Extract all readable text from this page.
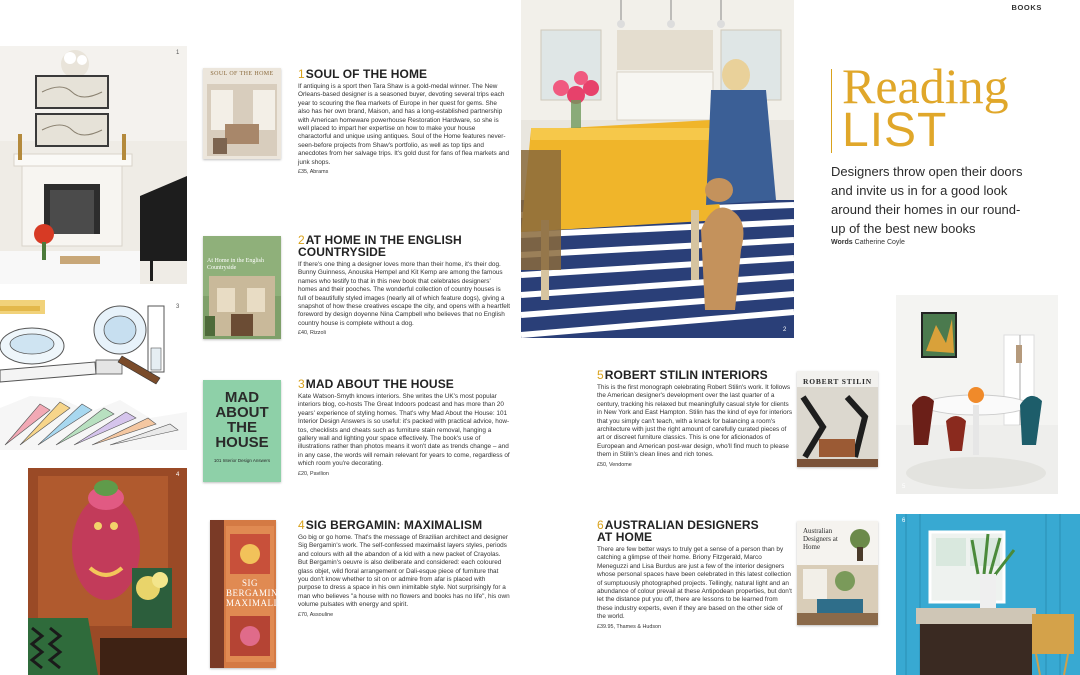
BOOKS
1
3
4
SOUL OF THE HOME
At Home in the English Countryside
MAD ABOUT THE HOUSE
101 Interior Design Answers
SIG BERGAMIN MAXIMALISM
1SOUL OF THE HOME

If antiquing is a sport then Tara Shaw is a gold-medal winner. The New Orleans-based designer is a seasoned buyer, devoting several trips each year to scouring the flea markets of Europe in her quest for gems. She also has her own brand, Maison, and has a long-established partnership with American homeware powerhouse Restoration Hardware, so she is well placed to impart her expertise on how to make your house charactorful and unique using antiques. Soul of the Home features never-seen-before projects from Shaw's portfolio, as well as top tips and anecdotes from her salvage trips. It's gold dust for fans of flea markets and junk shops.

£35, Abrams
2AT HOME IN THE ENGLISH COUNTRYSIDE

If there's one thing a designer loves more than their home, it's their dog. Bunny Guinness, Anouska Hempel and Kit Kemp are among the famous names who testify to that in this new book that celebrates designers' homes and their pooches. The wonderful collection of country houses is full of beautifully styled images (nearly all of which feature dogs), giving a snapshot of how these creatives escape the city, and opens with a heartfelt foreword by design doyenne Nina Campbell who believes that no English country house is complete without a dog.

£40, Rizzoli
3MAD ABOUT THE HOUSE

Kate Watson-Smyth knows interiors. She writes the UK's most popular interiors blog, co-hosts The Great Indoors podcast and has more than 20 years' experience of styling homes. That's why Mad About the House: 101 Interior Design Answers is so useful: it's packed with practical advice, how-tos, checklists and cheats such as furniture stain removal, hanging a gallery wall and lighting your space effectively. The book's use of illustrations rather than photos means it won't date as trends change – and in any case, the words will remain relevant for years to come, regardless of which room you're decorating.

£20, Pavilion
4SIG BERGAMIN: MAXIMALISM

Go big or go home. That's the message of Brazilian architect and designer Sig Bergamin's work. The self-confessed maximalist layers styles, periods and colours with all the abandon of a kid with a new packet of Crayolas. But Bergamin's oeuvre is also deliberate and considered: each coloured glass objet, wild floral arrangement or Dali-esque piece of furniture that you don't know whether to sit on or admire from afar is placed with purpose to dress a space in his own inimitable style. Not surprisingly for a man who believes "a house with no flowers and books has no life", his own volume pulsates with energy and spirit.

£70, Assouline
2
Reading
LIST
Designers throw open their doors and invite us in for a good look around their homes in our round-up of the best new books
Words Catherine Coyle
5
6
ROBERT STILIN
Australian Designers at Home
5ROBERT STILIN INTERIORS

This is the first monograph celebrating Robert Stilin's work. It follows the American designer's development over the last quarter of a century, tracking his relaxed but meaningfully casual style for clients in New York and East Hampton. Stilin has the kind of eye for interiors that you simply can't teach, with a knack for balancing a room's architecture with just the right amount of carefully curated pieces of art or discreet furniture classics. This is one for aficionados of European and American post-war design, who'll find much to please them in Stilin's clean lines and rich tones.

£50, Vendome
6AUSTRALIAN DESIGNERS AT HOME

There are few better ways to truly get a sense of a person than by catching a glimpse of their home. Briony Fitzgerald, Marco Meneguzzi and Lisa Burdus are just a few of the interior designers whose personal spaces have been celebrated in this latest collection of sumptuously photographed projects. Tellingly, natural light and an abundance of colour prevail at these Antipodean properties, but don't let the distance put you off, there are lessons to be learned from these industry experts, even if they are based on the other side of the world.

£39.95, Thames & Hudson
